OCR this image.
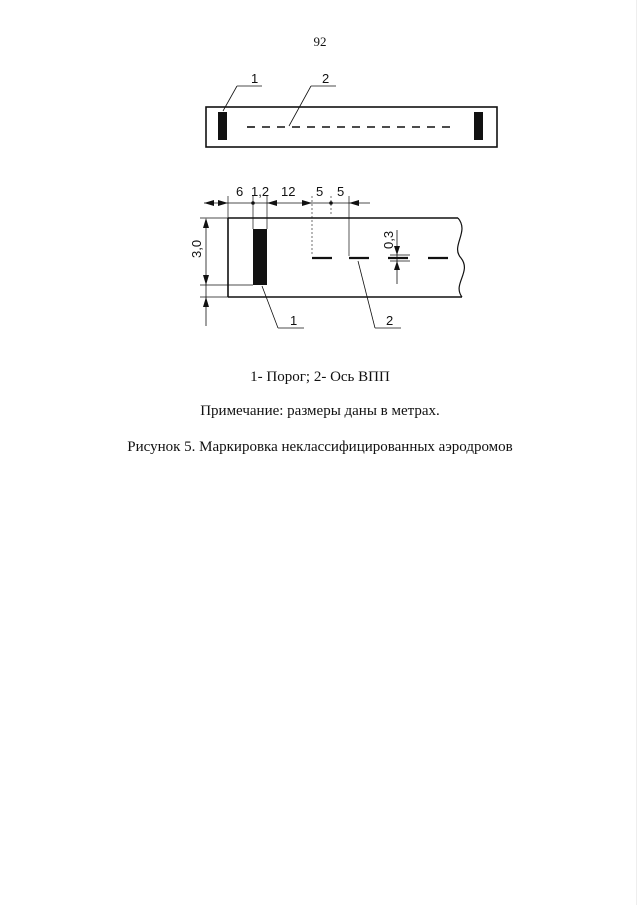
92
1	2
6 1,2 12 5 5
3,0	0,3
1	2
1- Порог; 2- Ось ВПП
Примечание: размеры даны в метрах.
Рисунок 5. Маркировка неклассифицированных аэродромов
